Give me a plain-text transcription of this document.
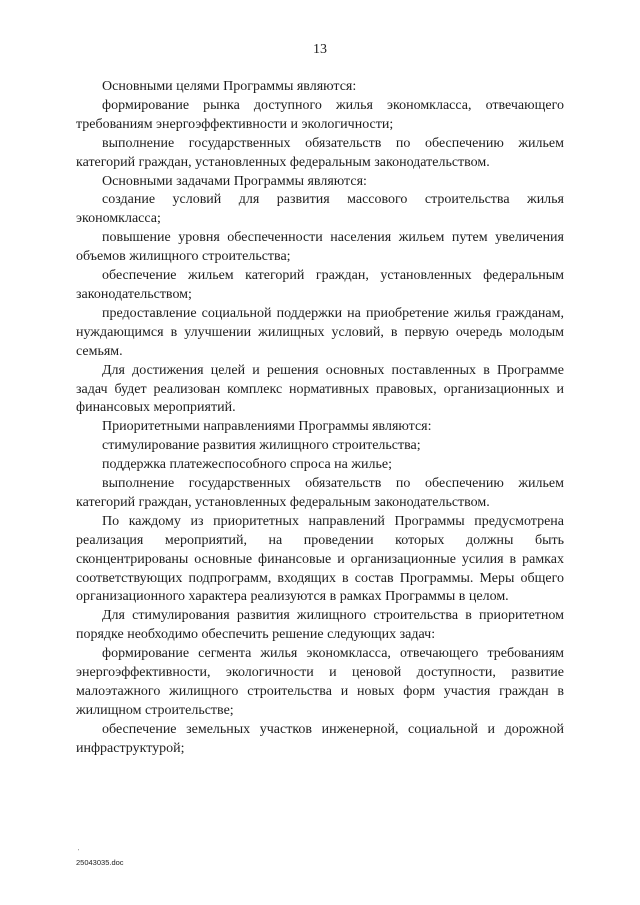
13

Основными целями Программы являются:

формирование рынка доступного жилья экономкласса, отвечающего требованиям энергоэффективности и экологичности;

выполнение государственных обязательств по обеспечению жильем категорий граждан, установленных федеральным законодательством.

Основными задачами Программы являются:

создание условий для развития массового строительства жилья экономкласса;

повышение уровня обеспеченности населения жильем путем увеличения объемов жилищного строительства;

обеспечение жильем категорий граждан, установленных федеральным законодательством;

предоставление социальной поддержки на приобретение жилья гражданам, нуждающимся в улучшении жилищных условий, в первую очередь молодым семьям.

Для достижения целей и решения основных поставленных в Программе задач будет реализован комплекс нормативных правовых, организационных и финансовых мероприятий.

Приоритетными направлениями Программы являются:

стимулирование развития жилищного строительства;

поддержка платежеспособного спроса на жилье;

выполнение государственных обязательств по обеспечению жильем категорий граждан, установленных федеральным законодательством.

По каждому из приоритетных направлений Программы предусмотрена реализация мероприятий, на проведении которых должны быть сконцентрированы основные финансовые и организационные усилия в рамках соответствующих подпрограмм, входящих в состав Программы. Меры общего организационного характера реализуются в рамках Программы в целом.

Для стимулирования развития жилищного строительства в приоритетном порядке необходимо обеспечить решение следующих задач:

формирование сегмента жилья экономкласса, отвечающего требованиям энергоэффективности, экологичности и ценовой доступности, развитие малоэтажного жилищного строительства и новых форм участия граждан в жилищном строительстве;

обеспечение земельных участков инженерной, социальной и дорожной инфраструктурой;

'
25043035.doc
